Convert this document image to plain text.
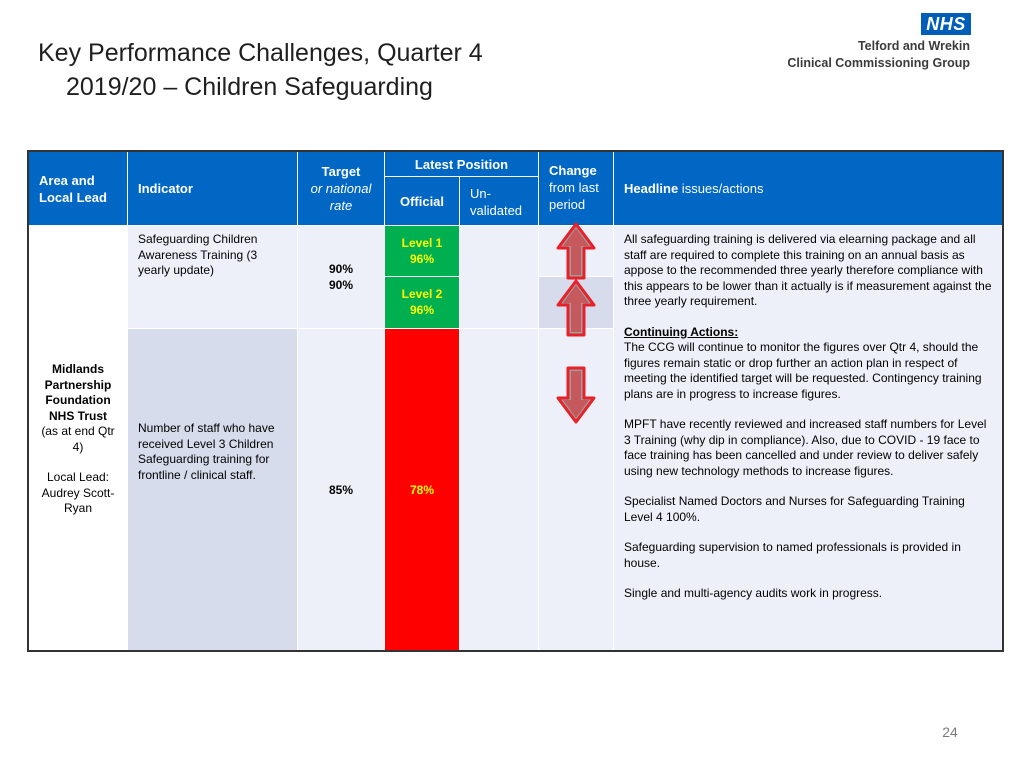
Key Performance Challenges, Quarter 4
2019/20 – Children Safeguarding
NHS
Telford and Wrekin
Clinical Commissioning Group
Area and
Local Lead
Indicator
Target
or national
rate
Latest Position
Official
Un-
validated
Change
from last
period
Headline issues/actions
Midlands
Partnership
Foundation
NHS Trust
(as at end Qtr 4)
Local Lead:
Audrey Scott-Ryan
Safeguarding Children Awareness Training (3 yearly update)	90%
90%
Level 1
96%
Level 2
96%
Number of staff who have received Level 3 Children Safeguarding training for frontline / clinical staff.
85%	78%
All safeguarding training is delivered via elearning package and all staff are required to complete this training on an annual basis as appose to the recommended three yearly therefore compliance with this appears to be lower than it actually is if measurement against the three yearly requirement.
Continuing Actions:
The CCG will continue to monitor the figures over Qtr 4, should the figures remain static or drop further an action plan in respect of meeting the identified target will be requested. Contingency training plans are in progress to increase figures.
MPFT have recently reviewed and increased staff numbers for Level 3 Training (why dip in compliance). Also, due to COVID - 19 face to face training has been cancelled and under review to deliver safely using new technology methods to increase figures.
Specialist Named Doctors and Nurses for Safeguarding Training Level 4 100%.
Safeguarding supervision to named professionals is provided in house.
Single and multi-agency audits work in progress.
24
